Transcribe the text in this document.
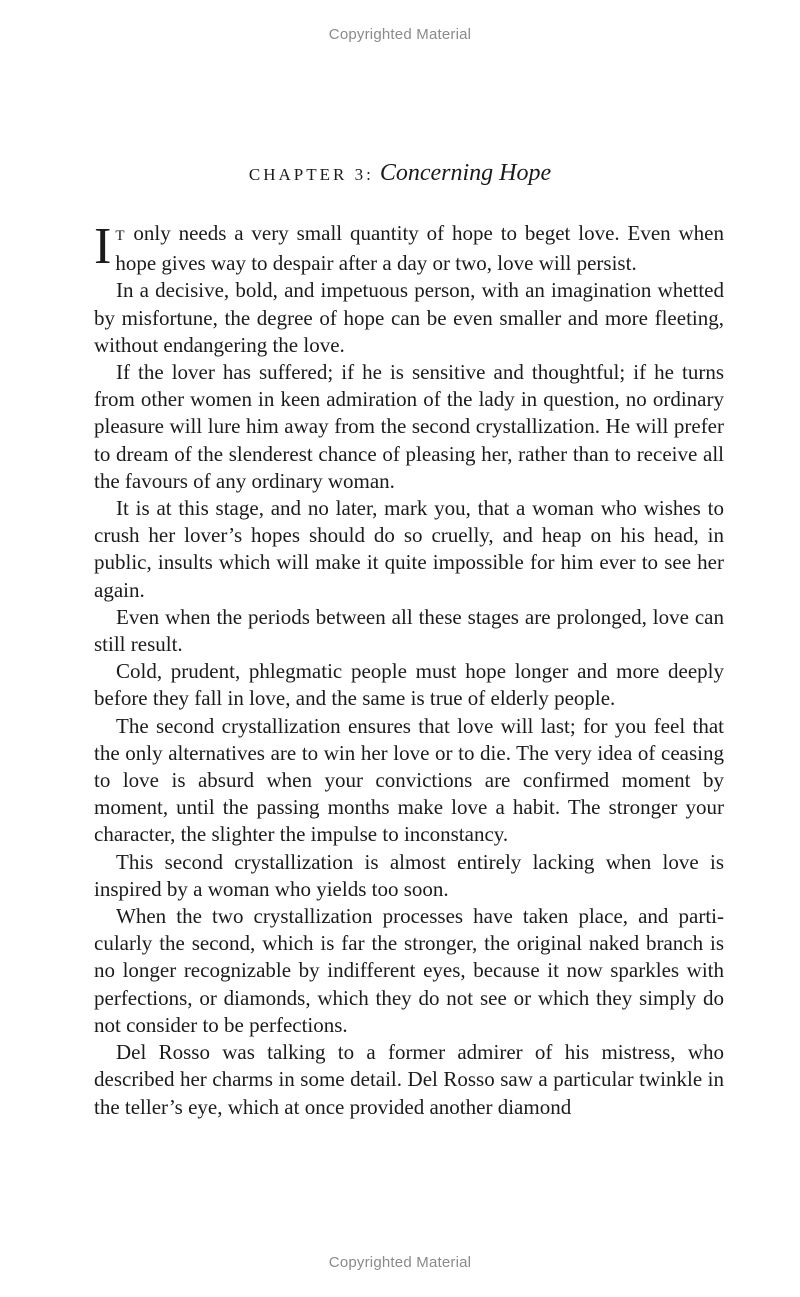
Copyrighted Material
CHAPTER 3: Concerning Hope

I T only needs a very small quantity of hope to beget love. Even when hope gives way to despair after a day or two, love will persist.

In a decisive, bold, and impetuous person, with an imagination whetted by misfortune, the degree of hope can be even smaller and more fleeting, without endangering the love.

If the lover has suffered; if he is sensitive and thoughtful; if he turns from other women in keen admiration of the lady in question, no ordinary pleasure will lure him away from the second crystallization. He will prefer to dream of the slenderest chance of pleasing her, rather than to receive all the favours of any ordinary woman.

It is at this stage, and no later, mark you, that a woman who wishes to crush her lover’s hopes should do so cruelly, and heap on his head, in public, insults which will make it quite impossible for him ever to see her again.

Even when the periods between all these stages are prolonged, love can still result.

Cold, prudent, phlegmatic people must hope longer and more deeply before they fall in love, and the same is true of elderly people.

The second crystallization ensures that love will last; for you feel that the only alternatives are to win her love or to die. The very idea of ceasing to love is absurd when your convictions are confirmed moment by moment, until the passing months make love a habit. The stronger your character, the slighter the impulse to inconstancy.

This second crystallization is almost entirely lacking when love is inspired by a woman who yields too soon.

When the two crystallization processes have taken place, and particularly the second, which is far the stronger, the original naked branch is no longer recognizable by indifferent eyes, because it now sparkles with perfections, or diamonds, which they do not see or which they simply do not consider to be perfections.

Del Rosso was talking to a former admirer of his mistress, who described her charms in some detail. Del Rosso saw a particular twinkle in the teller’s eye, which at once provided another diamond

Copyrighted Material
